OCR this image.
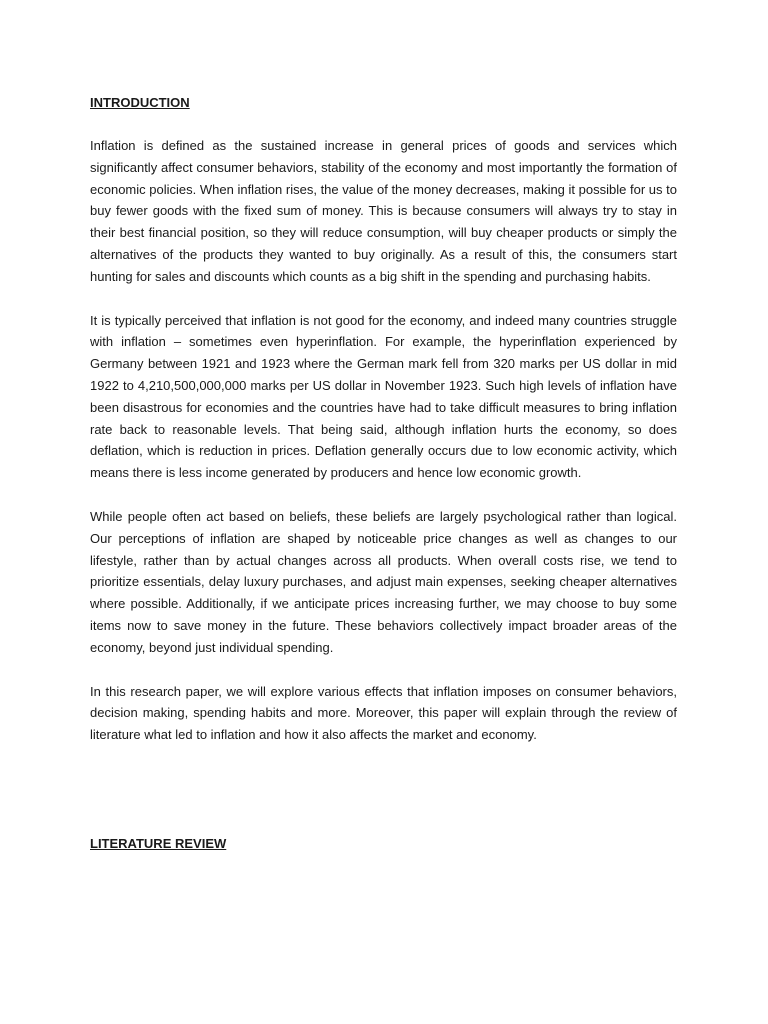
INTRODUCTION

Inflation is defined as the sustained increase in general prices of goods and services which significantly affect consumer behaviors, stability of the economy and most importantly the formation of economic policies. When inflation rises, the value of the money decreases, making it possible for us to buy fewer goods with the fixed sum of money. This is because consumers will always try to stay in their best financial position, so they will reduce consumption, will buy cheaper products or simply the alternatives of the products they wanted to buy originally. As a result of this, the consumers start hunting for sales and discounts which counts as a big shift in the spending and purchasing habits.

It is typically perceived that inflation is not good for the economy, and indeed many countries struggle with inflation – sometimes even hyperinflation. For example, the hyperinflation experienced by Germany between 1921 and 1923 where the German mark fell from 320 marks per US dollar in mid 1922 to 4,210,500,000,000 marks per US dollar in November 1923. Such high levels of inflation have been disastrous for economies and the countries have had to take difficult measures to bring inflation rate back to reasonable levels. That being said, although inflation hurts the economy, so does deflation, which is reduction in prices. Deflation generally occurs due to low economic activity, which means there is less income generated by producers and hence low economic growth.

While people often act based on beliefs, these beliefs are largely psychological rather than logical. Our perceptions of inflation are shaped by noticeable price changes as well as changes to our lifestyle, rather than by actual changes across all products. When overall costs rise, we tend to prioritize essentials, delay luxury purchases, and adjust main expenses, seeking cheaper alternatives where possible. Additionally, if we anticipate prices increasing further, we may choose to buy some items now to save money in the future. These behaviors collectively impact broader areas of the economy, beyond just individual spending.

In this research paper, we will explore various effects that inflation imposes on consumer behaviors, decision making, spending habits and more. Moreover, this paper will explain through the review of literature what led to inflation and how it also affects the market and economy.

LITERATURE REVIEW
